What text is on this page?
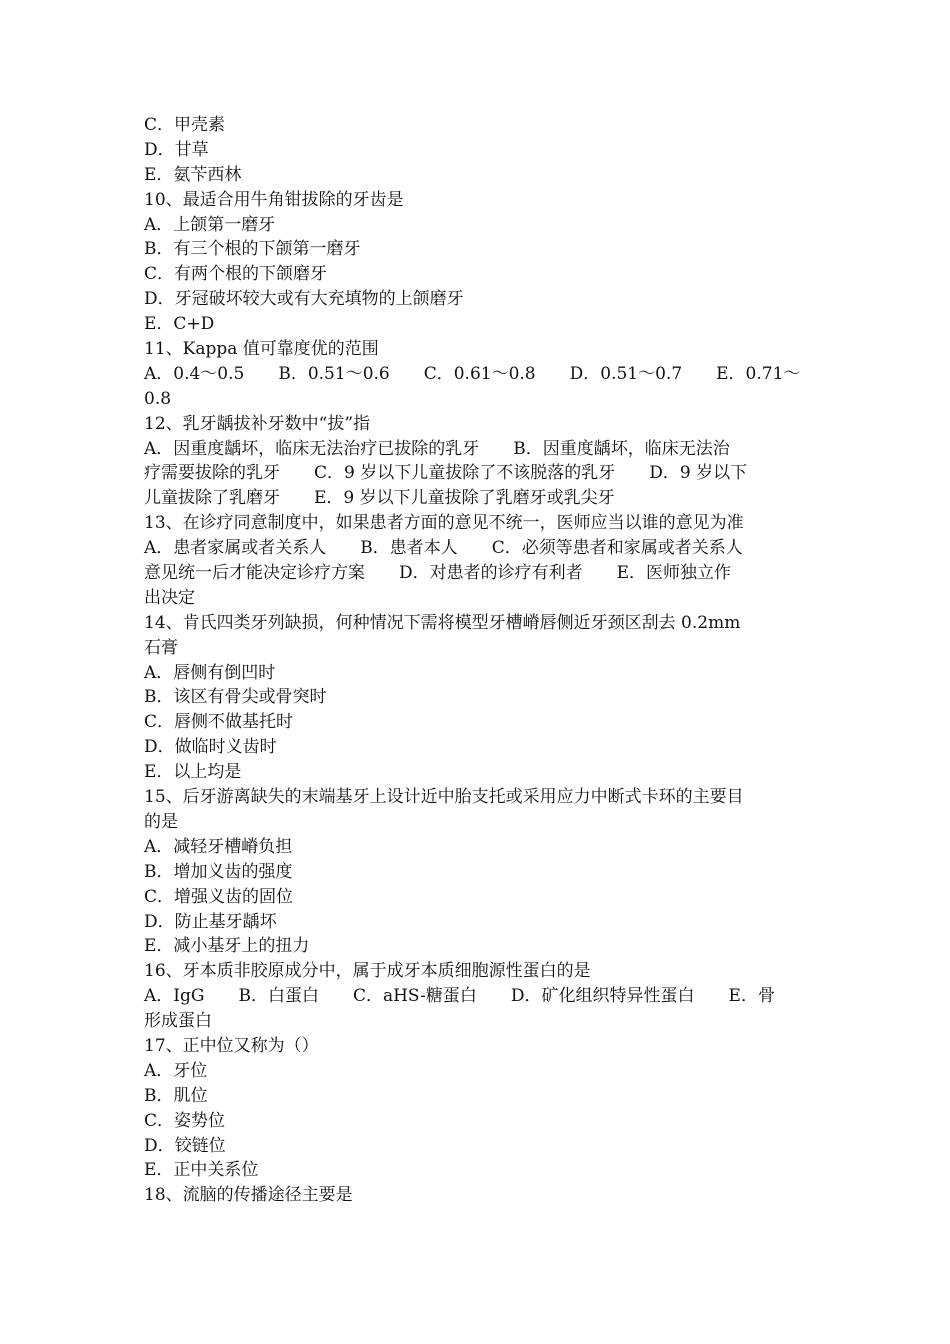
C．甲壳素
D．甘草
E．氨苄西林
10、最适合用牛角钳拔除的牙齿是
A．上颌第一磨牙
B．有三个根的下颌第一磨牙
C．有两个根的下颌磨牙
D．牙冠破坏较大或有大充填物的上颌磨牙
E．C+D
11、Kappa 值可靠度优的范围
A．0.4～0.5　　B．0.51～0.6　　C．0.61～0.8　　D．0.51～0.7　　E．0.71～
0.8
12、乳牙龋拔补牙数中“拔”指
A．因重度龋坏，临床无法治疗已拔除的乳牙　　B．因重度龋坏，临床无法治
疗需要拔除的乳牙　　C．9 岁以下儿童拔除了不该脱落的乳牙　　D．9 岁以下
儿童拔除了乳磨牙　　E．9 岁以下儿童拔除了乳磨牙或乳尖牙
13、在诊疗同意制度中，如果患者方面的意见不统一，医师应当以谁的意见为准
A．患者家属或者关系人　　B．患者本人　　C．必须等患者和家属或者关系人
意见统一后才能决定诊疗方案　　D．对患者的诊疗有利者　　E．医师独立作
出决定
14、肯氏四类牙列缺损，何种情况下需将模型牙槽嵴唇侧近牙颈区刮去 0.2mm
石膏
A．唇侧有倒凹时
B．该区有骨尖或骨突时
C．唇侧不做基托时
D．做临时义齿时
E．以上均是
15、后牙游离缺失的末端基牙上设计近中胎支托或采用应力中断式卡环的主要目
的是
A．减轻牙槽嵴负担
B．增加义齿的强度
C．增强义齿的固位
D．防止基牙龋坏
E．减小基牙上的扭力
16、牙本质非胶原成分中，属于成牙本质细胞源性蛋白的是
A．IgG　　B．白蛋白　　C．aHS-糖蛋白　　D．矿化组织特异性蛋白　　E．骨
形成蛋白
17、正中位又称为（）
A．牙位
B．肌位
C．姿势位
D．铰链位
E．正中关系位
18、流脑的传播途径主要是
